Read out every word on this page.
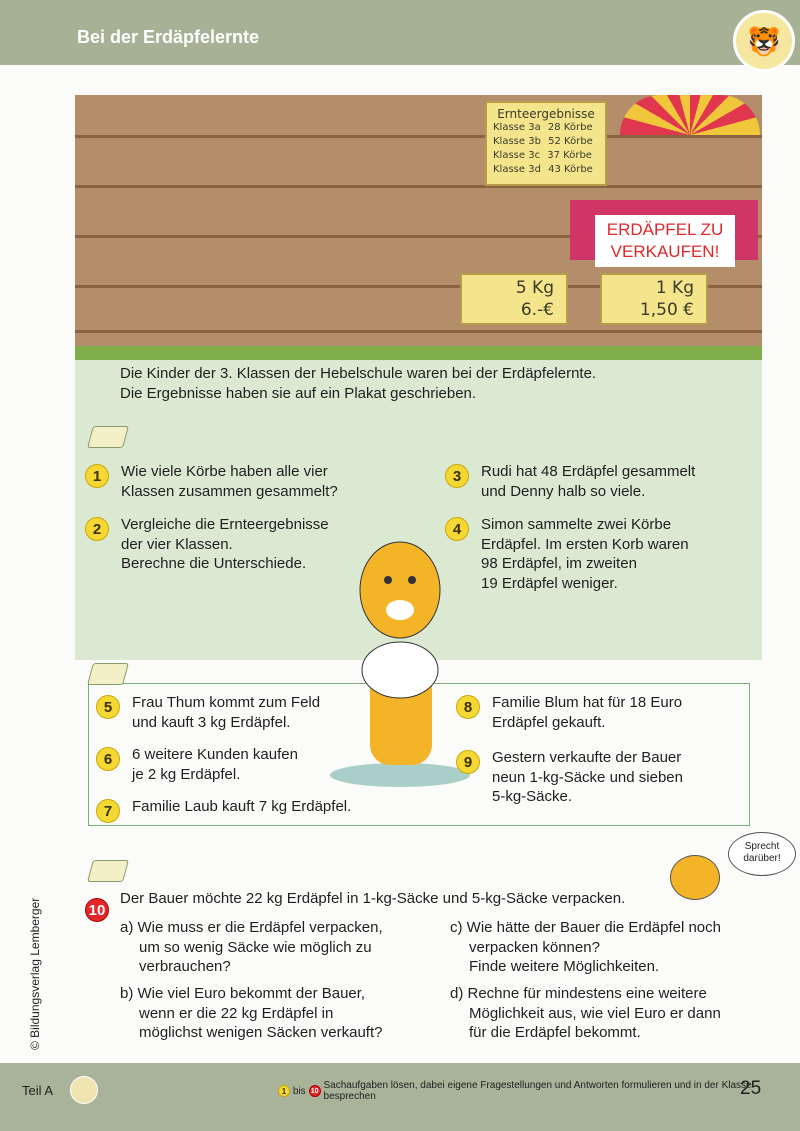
Bei der Erdäpfelernte	🐯
Ernteergebnisse
Klasse 3a 28 Körbe
Klasse 3b 52 Körbe
Klasse 3c 37 Körbe
Klasse 3d 43 Körbe
ERDÄPFEL ZU VERKAUFEN!
5 Kg
6.-€
1 Kg
1,50 €
Die Kinder der 3. Klassen der Hebelschule waren bei der Erdäpfelernte.
Die Ergebnisse haben sie auf ein Plakat geschrieben.
1	Wie viele Körbe haben alle vier
Klassen zusammen gesammelt?
2	Vergleiche die Ernteergebnisse
der vier Klassen.
Berechne die Unterschiede.
3	Rudi hat 48 Erdäpfel gesammelt
und Denny halb so viele.
4	Simon sammelte zwei Körbe
Erdäpfel. Im ersten Korb waren
98 Erdäpfel, im zweiten
19 Erdäpfel weniger.
5	Frau Thum kommt zum Feld
und kauft 3 kg Erdäpfel.
6	6 weitere Kunden kaufen
je 2 kg Erdäpfel.
7	Familie Laub kauft 7 kg Erdäpfel.
8	Familie Blum hat für 18 Euro
Erdäpfel gekauft.
9	Gestern verkaufte der Bauer
neun 1-kg-Säcke und sieben
5-kg-Säcke.
10
Der Bauer möchte 22 kg Erdäpfel in 1-kg-Säcke und 5-kg-Säcke verpacken.
a) Wie muss er die Erdäpfel verpacken,
um so wenig Säcke wie möglich zu
verbrauchen?
b) Wie viel Euro bekommt der Bauer,
wenn er die 22 kg Erdäpfel in
möglichst wenigen Säcken verkauft?
c) Wie hätte der Bauer die Erdäpfel noch
verpacken können?
Finde weitere Möglichkeiten.
d) Rechne für mindestens eine weitere
Möglichkeit aus, wie viel Euro er dann
für die Erdäpfel bekommt.
Sprecht darüber!
© Bildungsverlag Lemberger
Teil A	1 bis 10 Sachaufgaben lösen, dabei eigene Fragestellungen und Antworten formulieren und in der Klasse besprechen	25
